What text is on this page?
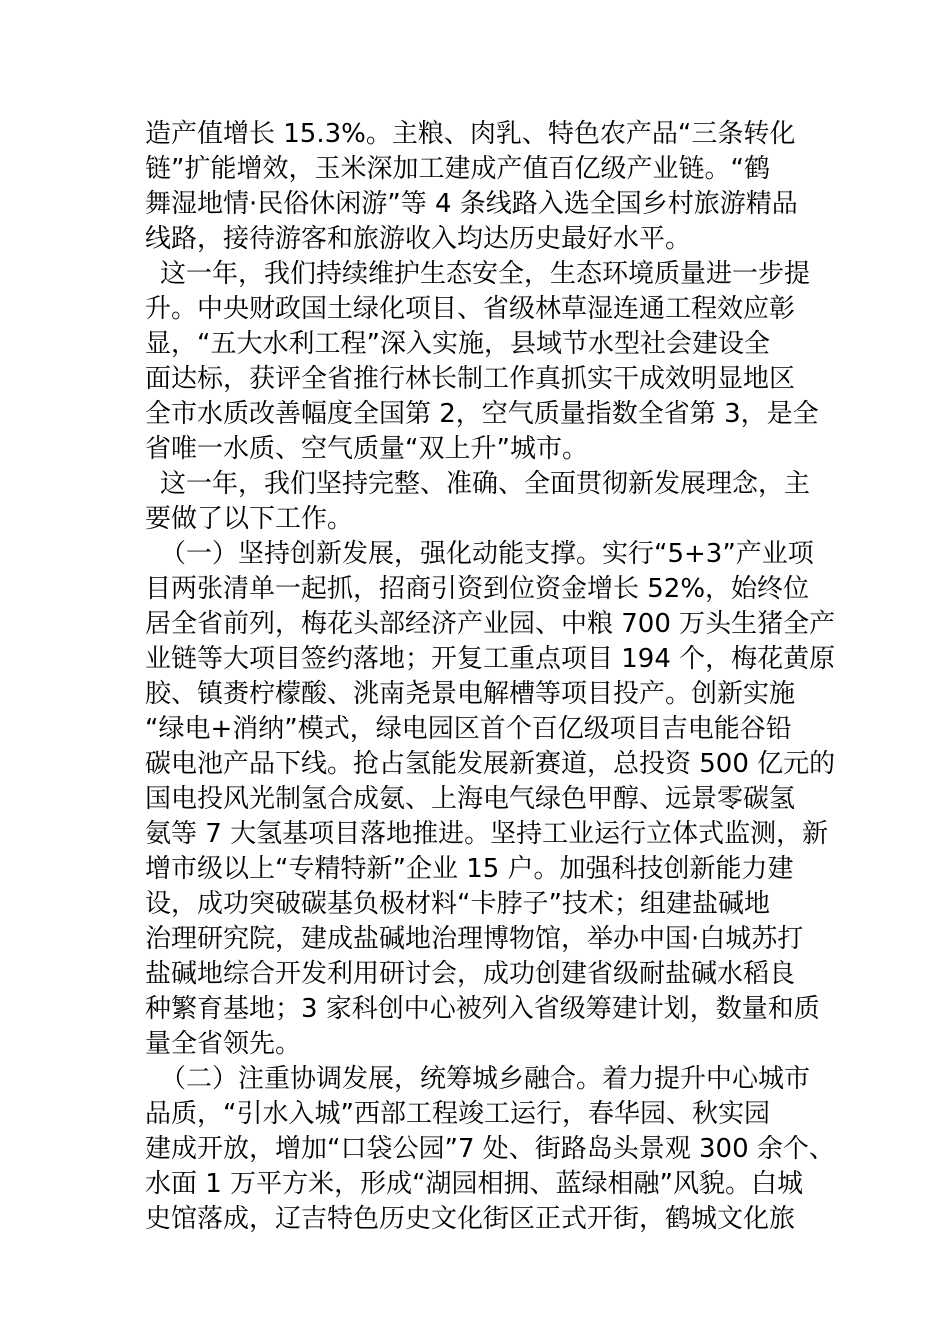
造产值增长 15.3%。主粮、肉乳、特色农产品“三条转化
链”扩能增效，玉米深加工建成产值百亿级产业链。“鹤
舞湿地情·民俗休闲游”等 4 条线路入选全国乡村旅游精品
线路，接待游客和旅游收入均达历史最好水平。
这一年，我们持续维护生态安全，生态环境质量进一步提
升。中央财政国土绿化项目、省级林草湿连通工程效应彰
显，“五大水利工程”深入实施，县域节水型社会建设全
面达标，获评全省推行林长制工作真抓实干成效明显地区
全市水质改善幅度全国第 2，空气质量指数全省第 3，是全
省唯一水质、空气质量“双上升”城市。
这一年，我们坚持完整、准确、全面贯彻新发展理念，主
要做了以下工作。
（一）坚持创新发展，强化动能支撑。实行“5+3”产业项
目两张清单一起抓，招商引资到位资金增长 52%，始终位
居全省前列，梅花头部经济产业园、中粮 700 万头生猪全产
业链等大项目签约落地；开复工重点项目 194 个，梅花黄原
胶、镇赉柠檬酸、洮南尧景电解槽等项目投产。创新实施
“绿电+消纳”模式，绿电园区首个百亿级项目吉电能谷铅
碳电池产品下线。抢占氢能发展新赛道，总投资 500 亿元的
国电投风光制氢合成氨、上海电气绿色甲醇、远景零碳氢
氨等 7 大氢基项目落地推进。坚持工业运行立体式监测，新
增市级以上“专精特新”企业 15 户。加强科技创新能力建
设，成功突破碳基负极材料“卡脖子”技术；组建盐碱地
治理研究院，建成盐碱地治理博物馆，举办中国·白城苏打
盐碱地综合开发利用研讨会，成功创建省级耐盐碱水稻良
种繁育基地；3 家科创中心被列入省级筹建计划，数量和质
量全省领先。
（二）注重协调发展，统筹城乡融合。着力提升中心城市
品质，“引水入城”西部工程竣工运行，春华园、秋实园
建成开放，增加“口袋公园”7 处、街路岛头景观 300 余个、
水面 1 万平方米，形成“湖园相拥、蓝绿相融”风貌。白城
史馆落成，辽吉特色历史文化街区正式开街，鹤城文化旅
